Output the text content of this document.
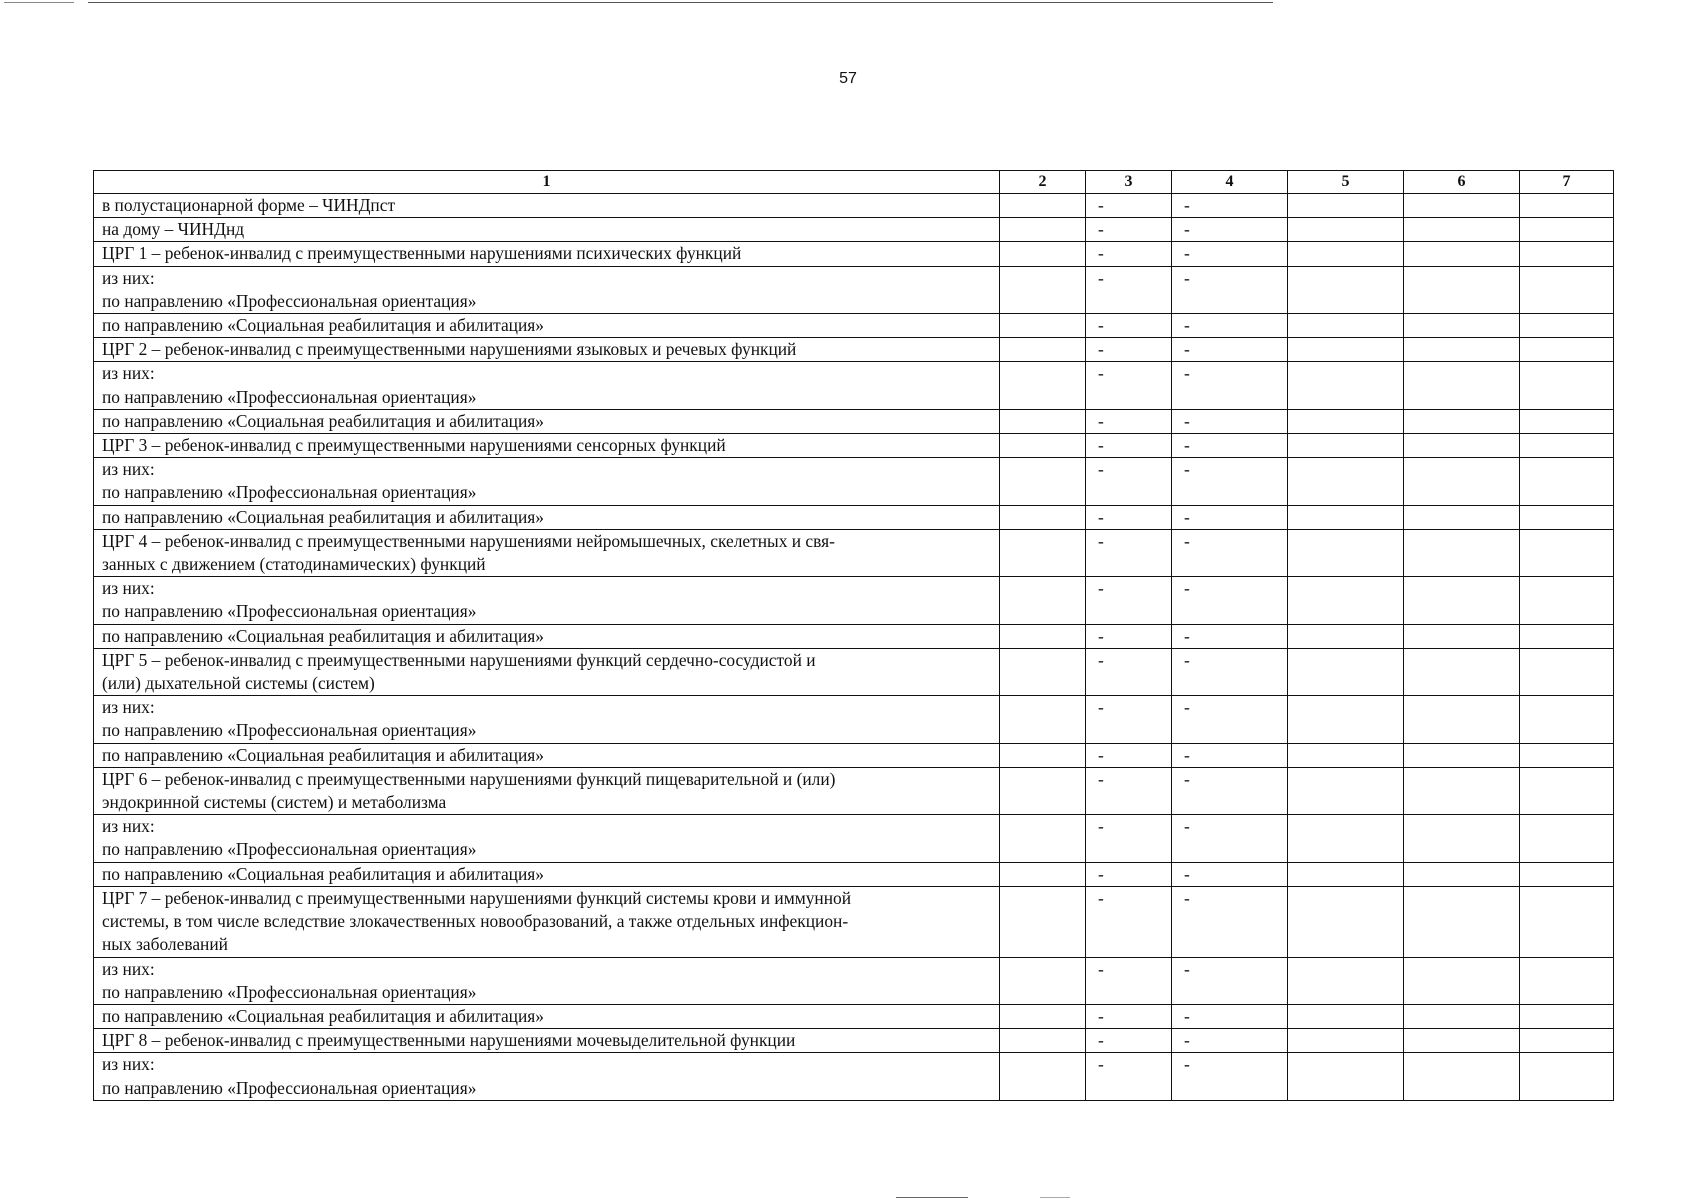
57
1	2	3	4	5	6	7

в полустационарной форме – ЧИНДпст		-	-			

на дому – ЧИНДнд		-	-			

ЦРГ 1 – ребенок-инвалид с преимущественными нарушениями психических функций		-	-			

из них:
по направлению «Профессиональная ориентация»		-	-			

по направлению «Социальная реабилитация и абилитация»		-	-			

ЦРГ 2 – ребенок-инвалид с преимущественными нарушениями языковых и речевых функций		-	-			

из них:
по направлению «Профессиональная ориентация»		-	-			

по направлению «Социальная реабилитация и абилитация»		-	-			

ЦРГ 3 – ребенок-инвалид с преимущественными нарушениями сенсорных функций		-	-			

из них:
по направлению «Профессиональная ориентация»		-	-			

по направлению «Социальная реабилитация и абилитация»		-	-			

ЦРГ 4 – ребенок-инвалид с преимущественными нарушениями нейромышечных, скелетных и свя-
занных с движением (статодинамических) функций		-	-			

из них:
по направлению «Профессиональная ориентация»		-	-			

по направлению «Социальная реабилитация и абилитация»		-	-			

ЦРГ 5 – ребенок-инвалид с преимущественными нарушениями функций сердечно-сосудистой и
(или) дыхательной системы (систем)		-	-			

из них:
по направлению «Профессиональная ориентация»		-	-			

по направлению «Социальная реабилитация и абилитация»		-	-			

ЦРГ 6 – ребенок-инвалид с преимущественными нарушениями функций пищеварительной и (или)
эндокринной системы (систем) и метаболизма		-	-			

из них:
по направлению «Профессиональная ориентация»		-	-			

по направлению «Социальная реабилитация и абилитация»		-	-			

ЦРГ 7 – ребенок-инвалид с преимущественными нарушениями функций системы крови и иммунной
системы, в том числе вследствие злокачественных новообразований, а также отдельных инфекцион-
ных заболеваний		-	-			

из них:
по направлению «Профессиональная ориентация»		-	-			

по направлению «Социальная реабилитация и абилитация»		-	-			

ЦРГ 8 – ребенок-инвалид с преимущественными нарушениями мочевыделительной функции		-	-			

из них:
по направлению «Профессиональная ориентация»		-	-			
